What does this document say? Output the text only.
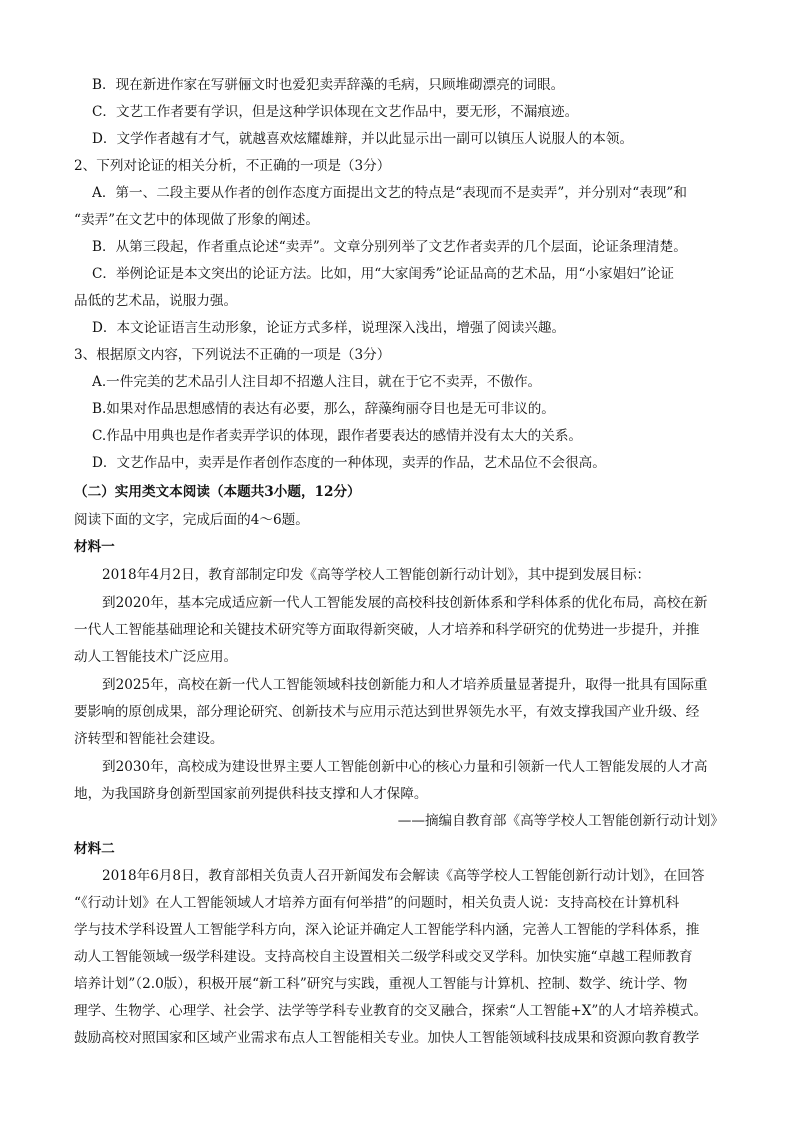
B．现在新进作家在写骈俪文时也爱犯卖弄辞藻的毛病，只顾堆砌漂亮的词眼。
C．文艺工作者要有学识，但是这种学识体现在文艺作品中，要无形，不漏痕迹。
D．文学作者越有才气，就越喜欢炫耀雄辩，并以此显示出一副可以镇压人说服人的本领。
2、下列对论证的相关分析，不正确的一项是（3分）
A．第一、二段主要从作者的创作态度方面提出文艺的特点是“表现而不是卖弄”，并分别对“表现”和
“卖弄”在文艺中的体现做了形象的阐述。
B．从第三段起，作者重点论述“卖弄”。文章分别列举了文艺作者卖弄的几个层面，论证条理清楚。
C．举例论证是本文突出的论证方法。比如，用“大家闺秀”论证品高的艺术品，用“小家娼妇”论证
品低的艺术品，说服力强。
D．本文论证语言生动形象，论证方式多样，说理深入浅出，增强了阅读兴趣。
3、根据原文内容，下列说法不正确的一项是（3分）
A.一件完美的艺术品引人注目却不招邀人注目，就在于它不卖弄，不傲作。
B.如果对作品思想感情的表达有必要，那么，辞藻绚丽夺目也是无可非议的。
C.作品中用典也是作者卖弄学识的体现，跟作者要表达的感情并没有太大的关系。
D．文艺作品中，卖弄是作者创作态度的一种体现，卖弄的作品，艺术品位不会很高。
（二）实用类文本阅读（本题共3小题，12分）
阅读下面的文字，完成后面的4～6题。
材料一
2018年4月2日，教育部制定印发《高等学校人工智能创新行动计划》，其中提到发展目标：
到2020年，基本完成适应新一代人工智能发展的高校科技创新体系和学科体系的优化布局，高校在新
一代人工智能基础理论和关键技术研究等方面取得新突破，人才培养和科学研究的优势进一步提升，并推
动人工智能技术广泛应用。
到2025年，高校在新一代人工智能领域科技创新能力和人才培养质量显著提升，取得一批具有国际重
要影响的原创成果，部分理论研究、创新技术与应用示范达到世界领先水平，有效支撑我国产业升级、经
济转型和智能社会建设。
到2030年，高校成为建设世界主要人工智能创新中心的核心力量和引领新一代人工智能发展的人才高
地，为我国跻身创新型国家前列提供科技支撑和人才保障。
——摘编自教育部《高等学校人工智能创新行动计划》
材料二
2018年6月8日，教育部相关负责人召开新闻发布会解读《高等学校人工智能创新行动计划》，在回答
“《行动计划》在人工智能领域人才培养方面有何举措”的问题时，相关负责人说：支持高校在计算机科
学与技术学科设置人工智能学科方向，深入论证并确定人工智能学科内涵，完善人工智能的学科体系，推
动人工智能领域一级学科建设。支持高校自主设置相关二级学科或交叉学科。加快实施“卓越工程师教育
培养计划”（2.0版），积极开展“新工科”研究与实践，重视人工智能与计算机、控制、数学、统计学、物
理学、生物学、心理学、社会学、法学等学科专业教育的交叉融合，探索“人工智能+X”的人才培养模式。
鼓励高校对照国家和区域产业需求布点人工智能相关专业。加快人工智能领域科技成果和资源向教育教学
